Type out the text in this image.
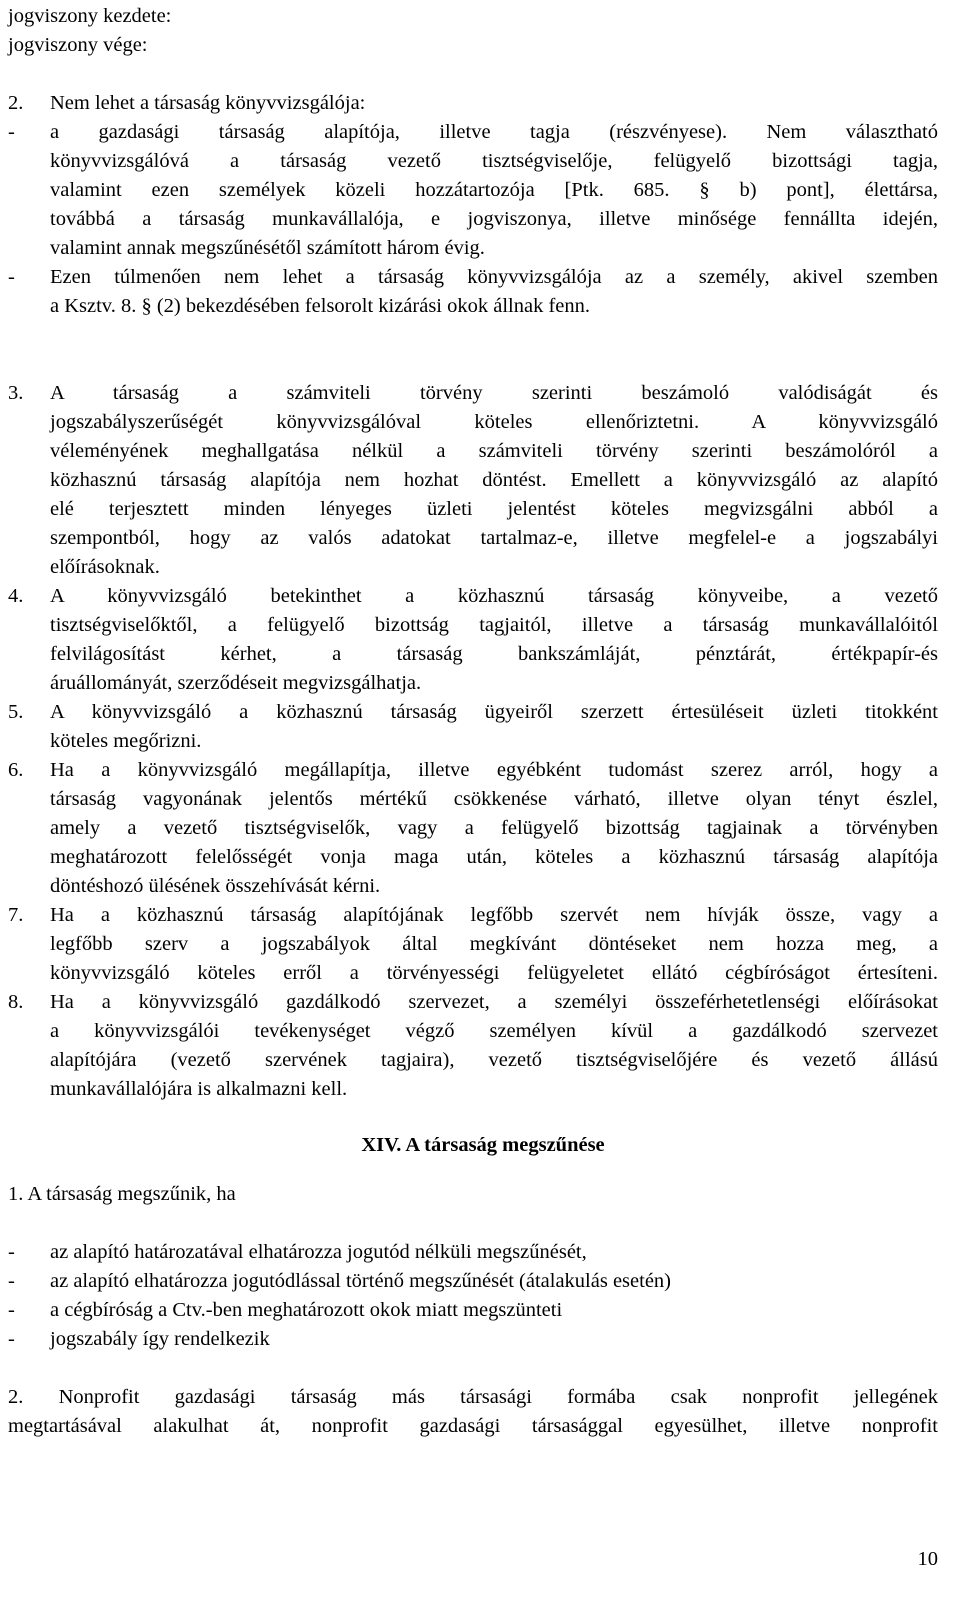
jogviszony kezdete:
jogviszony vége:
2.	Nem lehet a társaság könyvvizsgálója:
-	a gazdasági társaság alapítója, illetve tagja (részvényese). Nem választható
könyvvizsgálóvá a társaság vezető tisztségviselője, felügyelő bizottsági tagja,
valamint ezen személyek közeli hozzátartozója [Ptk. 685. § b) pont], élettársa,
továbbá a társaság munkavállalója, e jogviszonya, illetve minősége fennállta idején,
valamint annak megszűnésétől számított három évig.
-	Ezen túlmenően nem lehet a társaság könyvvizsgálója az a személy, akivel szemben
a Ksztv. 8. § (2) bekezdésében felsorolt kizárási okok állnak fenn.
3.	A társaság a számviteli törvény szerinti beszámoló valódiságát és
jogszabályszerűségét könyvvizsgálóval köteles ellenőriztetni. A könyvvizsgáló
véleményének meghallgatása nélkül a számviteli törvény szerinti beszámolóról a
közhasznú társaság alapítója nem hozhat döntést. Emellett a könyvvizsgáló az alapító
elé terjesztett minden lényeges üzleti jelentést köteles megvizsgálni abból a
szempontból, hogy az valós adatokat tartalmaz-e, illetve megfelel-e a jogszabályi
előírásoknak.
4.	A könyvvizsgáló betekinthet a közhasznú társaság könyveibe, a vezető
tisztségviselőktől, a felügyelő bizottság tagjaitól, illetve a társaság munkavállalóitól
felvilágosítást kérhet, a társaság bankszámláját, pénztárát, értékpapír-és
áruállományát, szerződéseit megvizsgálhatja.
5.	A könyvvizsgáló a közhasznú társaság ügyeiről szerzett értesüléseit üzleti titokként
köteles megőrizni.
6.	Ha a könyvvizsgáló megállapítja, illetve egyébként tudomást szerez arról, hogy a
társaság vagyonának jelentős mértékű csökkenése várható, illetve olyan tényt észlel,
amely a vezető tisztségviselők, vagy a felügyelő bizottság tagjainak a törvényben
meghatározott felelősségét vonja maga után, köteles a közhasznú társaság alapítója
döntéshozó ülésének összehívását kérni.
7.	Ha a közhasznú társaság alapítójának legfőbb szervét nem hívják össze, vagy a
legfőbb szerv a jogszabályok által megkívánt döntéseket nem hozza meg, a
könyvvizsgáló köteles erről a törvényességi felügyeletet ellátó cégbíróságot értesíteni.
8.	Ha a könyvvizsgáló gazdálkodó szervezet, a személyi összeférhetetlenségi előírásokat
a könyvvizsgálói tevékenységet végző személyen kívül a gazdálkodó szervezet
alapítójára (vezető szervének tagjaira), vezető tisztségviselőjére és vezető állású
munkavállalójára is alkalmazni kell.
XIV. A társaság megszűnése
1. A társaság megszűnik, ha
-	az alapító határozatával elhatározza jogutód nélküli megszűnését,
-	az alapító elhatározza jogutódlással történő megszűnését (átalakulás esetén)
-	a cégbíróság a Ctv.-ben meghatározott okok miatt megszünteti
-	jogszabály így rendelkezik
2. Nonprofit gazdasági társaság más társasági formába csak nonprofit jellegének
megtartásával alakulhat át, nonprofit gazdasági társasággal egyesülhet, illetve nonprofit
10
